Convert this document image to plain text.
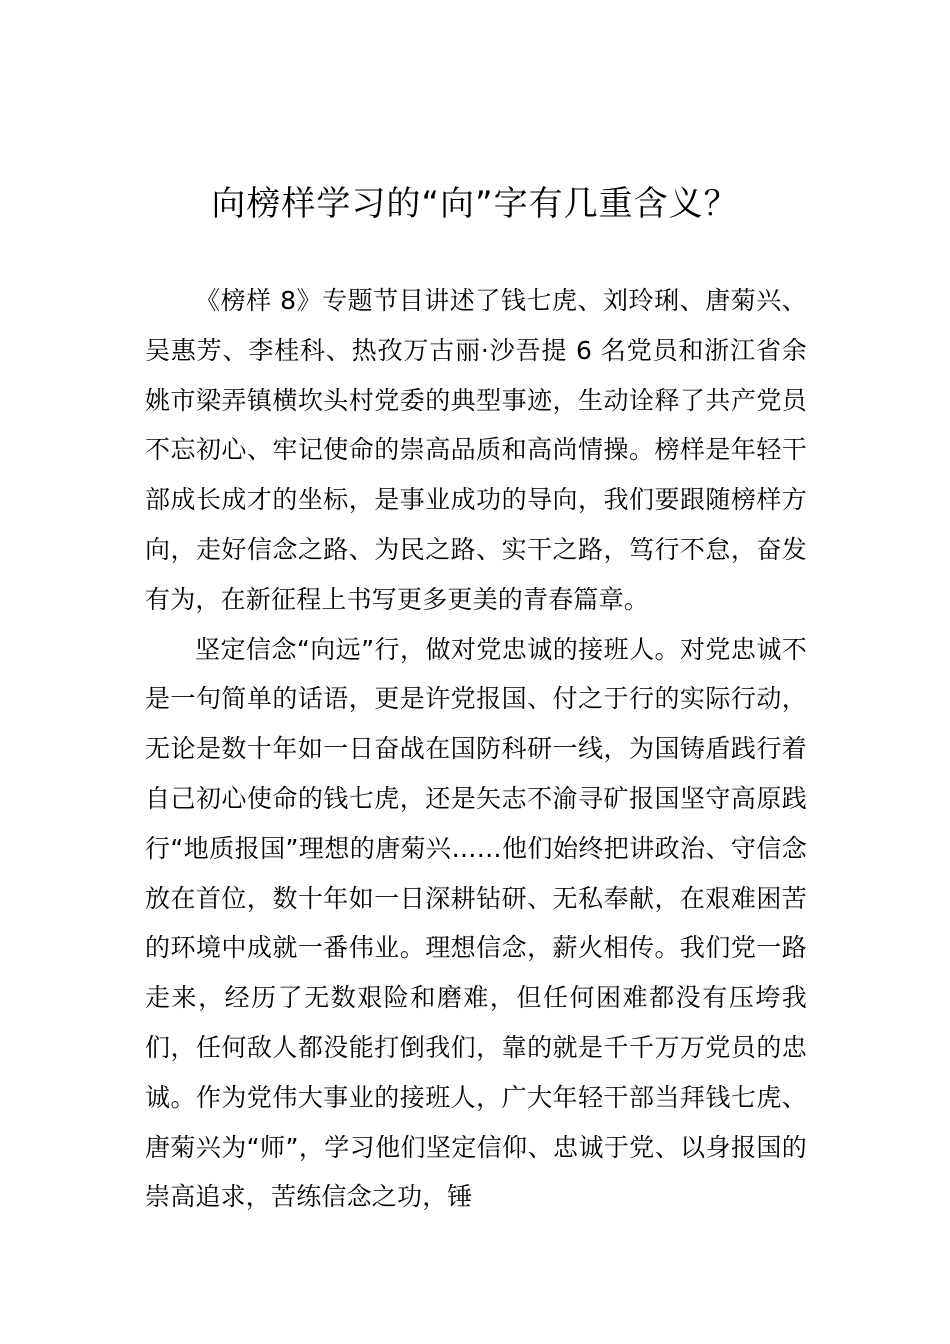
向榜样学习的“向”字有几重含义？

《榜样 8》专题节目讲述了钱七虎、刘玲琍、唐菊兴、吴惠芳、李桂科、热孜万古丽·沙吾提 6 名党员和浙江省余姚市梁弄镇横坎头村党委的典型事迹，生动诠释了共产党员不忘初心、牢记使命的崇高品质和高尚情操。榜样是年轻干部成长成才的坐标，是事业成功的导向，我们要跟随榜样方向，走好信念之路、为民之路、实干之路，笃行不怠，奋发有为，在新征程上书写更多更美的青春篇章。

坚定信念“向远”行，做对党忠诚的接班人。对党忠诚不是一句简单的话语，更是许党报国、付之于行的实际行动，无论是数十年如一日奋战在国防科研一线，为国铸盾践行着自己初心使命的钱七虎，还是矢志不渝寻矿报国坚守高原践行“地质报国”理想的唐菊兴……他们始终把讲政治、守信念放在首位，数十年如一日深耕钻研、无私奉献，在艰难困苦的环境中成就一番伟业。理想信念，薪火相传。我们党一路走来，经历了无数艰险和磨难，但任何困难都没有压垮我们，任何敌人都没能打倒我们，靠的就是千千万万党员的忠诚。作为党伟大事业的接班人，广大年轻干部当拜钱七虎、唐菊兴为“师”，学习他们坚定信仰、忠诚于党、以身报国的崇高追求，苦练信念之功，锤
